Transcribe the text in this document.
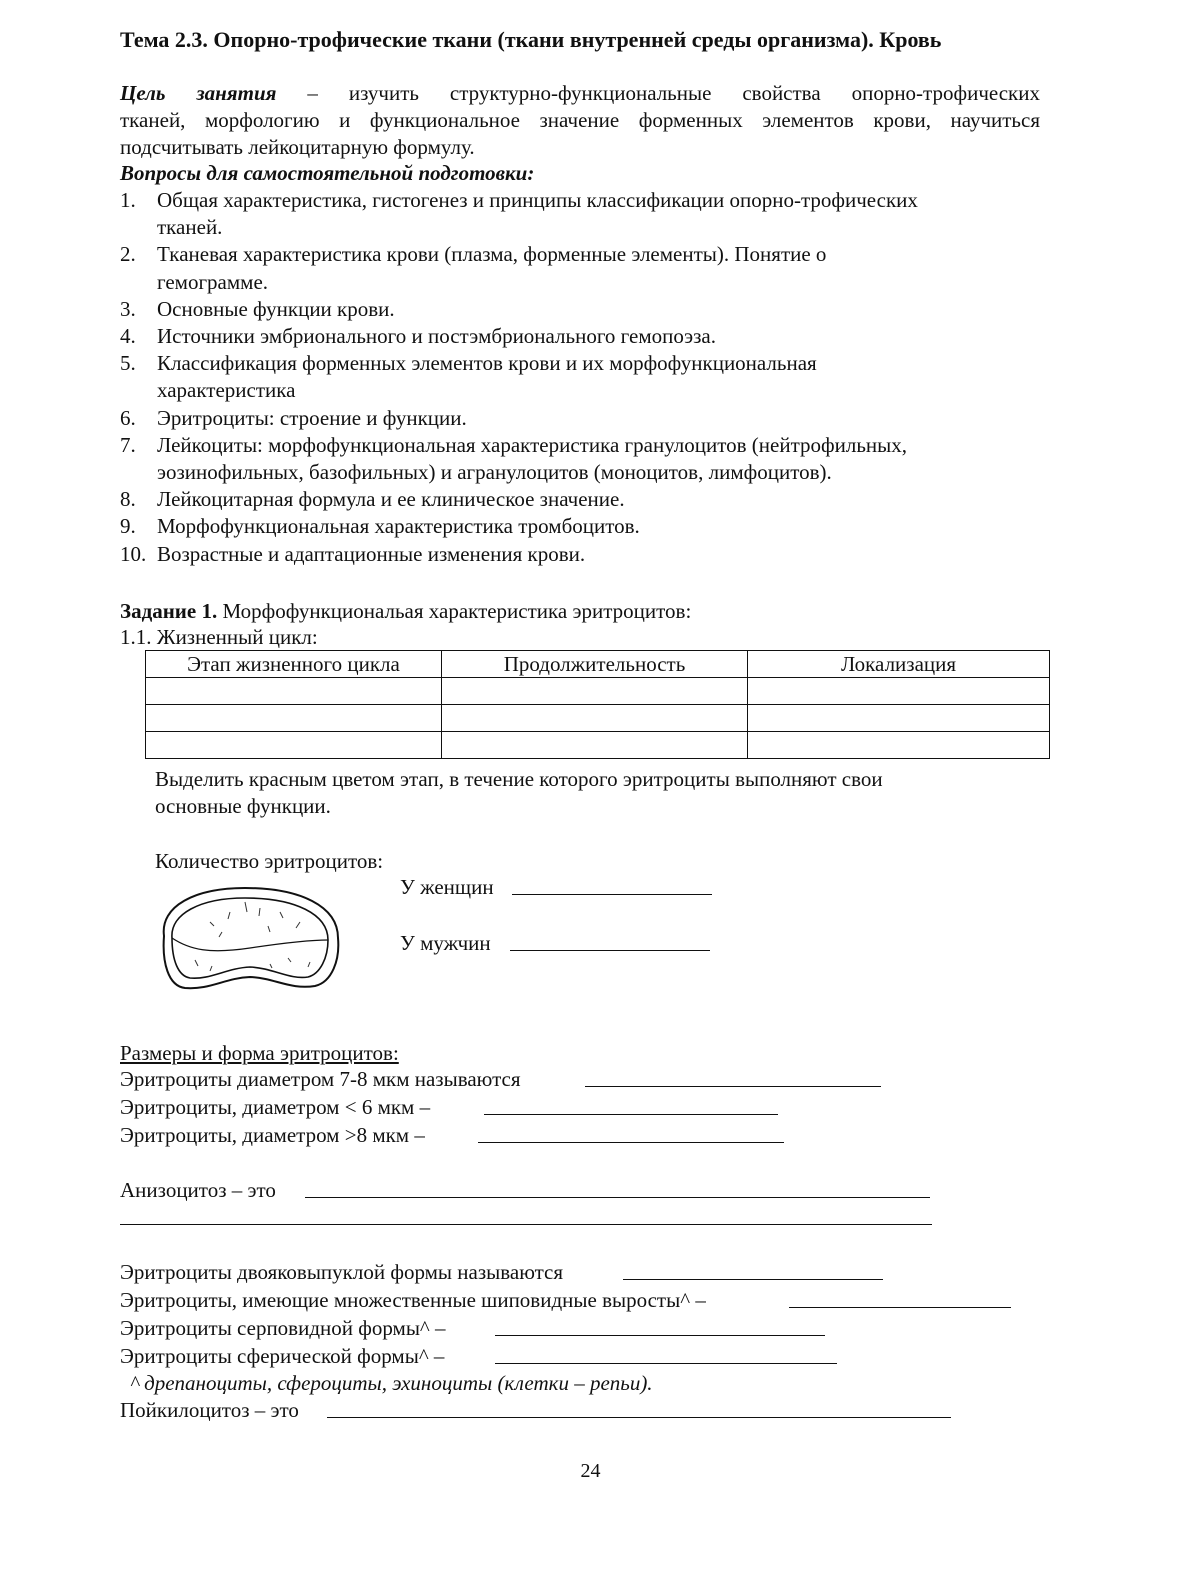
Тема 2.3. Опорно-трофические ткани (ткани внутренней среды организма). Кровь
Цель занятия – изучить структурно-функциональные свойства опорно-трофических
тканей, морфологию и функциональное значение форменных элементов крови, научиться
подсчитывать лейкоцитарную формулу.
Вопросы для самостоятельной подготовки:
1. Общая характеристика, гистогенез и принципы классификации опорно-трофических
тканей.
2. Тканевая характеристика крови (плазма, форменные элементы). Понятие о
гемограмме.
3. Основные функции крови.
4. Источники эмбрионального и постэмбрионального гемопоэза.
5. Классификация форменных элементов крови и их морфофункциональная
характеристика
6. Эритроциты: строение и функции.
7. Лейкоциты: морфофункциональная характеристика гранулоцитов (нейтрофильных,
эозинофильных, базофильных) и агранулоцитов (моноцитов, лимфоцитов).
8. Лейкоцитарная формула и ее клиническое значение.
9. Морфофункциональная характеристика тромбоцитов.
10. Возрастные и адаптационные изменения крови.
Задание 1. Морфофункциональая характеристика эритроцитов:
1.1. Жизненный цикл:
Этап жизненного цикла	Продолжительность	Локализация

Выделить красным цветом этап, в течение которого эритроциты выполняют свои
основные функции.
Количество эритроцитов:
У женщин
У мужчин
Размеры и форма эритроцитов:
Эритроциты диаметром 7-8 мкм называются
Эритроциты, диаметром < 6 мкм –
Эритроциты, диаметром >8 мкм –
Анизоцитоз – это
Эритроциты двояковыпуклой формы называются
Эритроциты, имеющие множественные шиповидные выросты^ –
Эритроциты серповидной формы^ –
Эритроциты сферической формы^ –
^ дрепаноциты, сфероциты, эхиноциты (клетки – репьи).
Пойкилоцитоз – это
24
